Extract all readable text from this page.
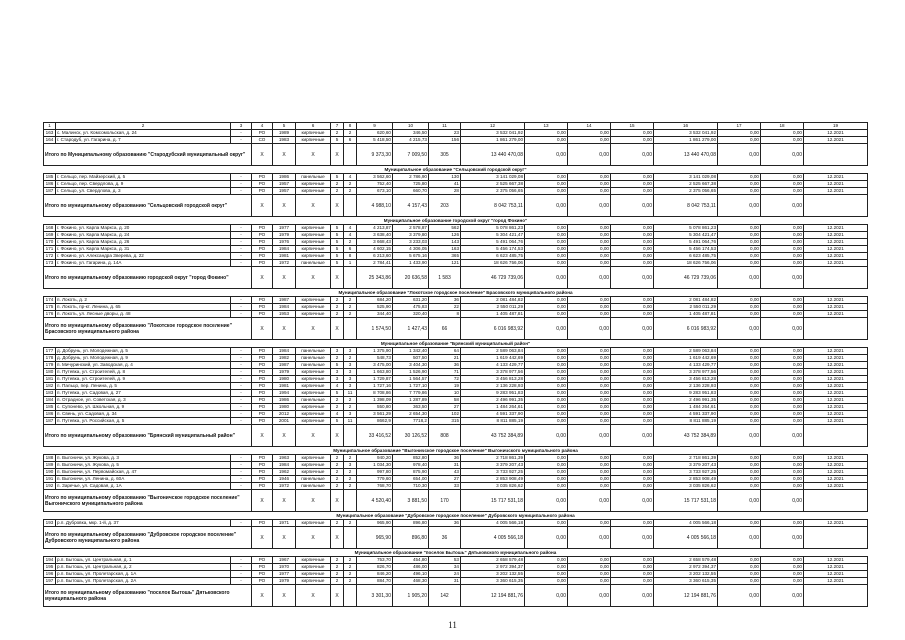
1	2	3	4	5	6	7	8	9	10	11	12	13	14	15	16	17	18	19
163	с. Малинск, ул. Комсомольская, д. 24	-	РО	1989	кирпичные	2	2	620,60	346,50	23	3 532 041,92	0,00	0,00	0,00	3 532 041,92	0,00	0,00	12.2021
164	г. Стародуб, ул. Гагарина, д. 7	-	СО	1983	кирпичные	5	6	5 418,50	4 215,73	156	1 861 279,00	0,00	0,00	0,00	1 861 279,00	0,00	0,00	12.2021
Итого по Муниципальному образованию "Стародубский муниципальный округ"			X	X	X	X		9 373,30	7 009,50	305	13 440 470,08	0,00	0,00	0,00	13 440 470,08	0,00	0,00	
Муниципальное образование "Сельцовский городской округ"																		
185	г. Сельцо, пер. Майзерский, д. 5	-	РО	1986	панельные	5	4	3 562,60	2 786,90	130	3 141 029,08	0,00	0,00	0,00	3 141 029,08	0,00	0,00	12.2021
186	г. Сельцо, пер. Свердлова, д. 9	-	РО	1957	кирпичные	2	2	752,40	725,80	41	2 525 667,38	0,00	0,00	0,00	2 525 667,38	0,00	0,00	12.2021
187	г. Сельцо, ул. Свердлова, д. 3	-	РО	1957	кирпичные	2	2	673,10	660,70	28	2 375 056,65	0,00	0,00	0,00	2 375 056,65	0,00	0,00	12.2021
Итого по муниципальному образованию "Сельцовский городской округ"			X	X	X	X		4 988,10	4 157,43	203	8 042 753,11	0,00	0,00	0,00	8 042 753,11	0,00	0,00	
Муниципальное образование городской округ "город Фокино"																		
168	г. Фокино, ул. Карла Маркса, д. 20	-	РО	1977	кирпичные	5	4	4 213,87	2 578,87	562	5 078 861,23	0,00	0,00	0,00	5 078 861,23	0,00	0,00	12.2021
169	г. Фокино, ул. Карла Маркса, д. 24	-	РО	1979	кирпичные	5	4	3 638,40	3 379,80	126	5 304 421,47	0,00	0,00	0,00	5 304 421,47	0,00	0,00	12.2021
170	г. Фокино, ул. Карла Маркса, д. 26	-	РО	1976	кирпичные	5	2	3 668,43	3 233,03	143	5 491 064,76	0,00	0,00	0,00	5 491 064,76	0,00	0,00	12.2021
171	г. Фокино, ул. Карла Маркса, д. 31	-	РО	1984	кирпичные	5	6	4 602,15	4 306,05	163	5 456 174,53	0,00	0,00	0,00	5 456 174,53	0,00	0,00	12.2021
172	г. Фокино, ул. Александра Зверева, д. 22	-	РО	1981	кирпичные	5	8	6 213,60	5 675,16	365	6 623 485,75	0,00	0,00	0,00	6 623 485,75	0,00	0,00	12.2021
173	г. Фокино, ул. Гагарина, д. 14А	-	РО	1972	панельные	5	1	2 784,41	1 433,90	121	18 626 756,06	0,00	0,00	0,00	18 626 756,06	0,00	0,00	12.2021
Итого по муниципальному образованию городской округ "город Фокино"			X	X	X	X		25 343,86	20 636,58	1 583	46 729 739,06	0,00	0,00	0,00	46 729 739,06	0,00	0,00	
Муниципальное образование "Локотское городское поселение" Брасовского муниципального района																		
174	п. Локоть, д. 2	-	РО	1987	кирпичные	2	2	684,20	631,20	36	2 081 484,82	0,00	0,00	0,00	2 081 484,82	0,00	0,00	12.2021
175	п. Локоть, пр-кт. Ленина, д. 65	-	РО	1984	кирпичные	2	2	525,90	475,83	22	2 550 011,29	0,00	0,00	0,00	2 550 011,29	0,00	0,00	12.2021
176	п. Локоть, ул. Лесные дворы, д. 48	-	РО	1953	кирпичные	2	2	344,40	320,40	8	1 405 487,81	0,00	0,00	0,00	1 405 487,81	0,00	0,00	12.2021
Итого по муниципальному образованию "Локотское городское поселение" Брасовского муниципального района			X	X	X	X		1 574,50	1 427,43	66	6 016 983,92	0,00	0,00	0,00	6 016 983,92	0,00	0,00	
Муниципальное образование "Брянский муниципальный район"																		
177	д. Добрунь, ул. Молодежная, д. 5	-	РО	1984	панельные	3	3	1 375,90	1 342,40	64	2 589 063,84	0,00	0,00	0,00	2 589 063,84	0,00	0,00	12.2021
178	д. Добрунь, ул. Молодежная, д. 9	-	РО	1982	панельные	2	2	548,73	507,50	21	1 619 442,69	0,00	0,00	0,00	1 619 442,69	0,00	0,00	12.2021
179	п. Мичуринский, ул. Заводская, д. 4	-	РО	1987	панельные	5	3	3 475,00	3 404,30	36	4 133 429,77	0,00	0,00	0,00	4 133 429,77	0,00	0,00	12.2021
180	п. Путевка, ул. Строителей, д. 8	-	РО	1979	кирпичные	3	3	1 663,80	1 526,90	71	3 378 977,56	0,00	0,00	0,00	3 378 977,56	0,00	0,00	12.2021
181	п. Путевка, ул. Строителей, д. 9	-	РО	1980	кирпичные	3	3	1 729,87	1 564,57	72	3 456 813,28	0,00	0,00	0,00	3 456 813,28	0,00	0,00	12.2021
182	п. Пальцо, пер. Ленина, д. 5	-	РО	1981	кирпичные	4	3	1 727,16	1 727,10	19	2 136 228,93	0,00	0,00	0,00	2 136 228,93	0,00	0,00	12.2021
183	п. Путевка, ул. Садовая, д. 27	-	РО	1994	кирпичные	5	11	8 708,86	7 779,86	10	9 283 951,83	0,00	0,00	0,00	9 283 951,83	0,00	0,00	12.2021
184	п. Отрадное, ул. Советская, д. 3	-	РО	1986	панельные	2	2	1 398,09	1 287,89	58	2 496 991,35	0,00	0,00	0,00	2 496 991,35	0,00	0,00	12.2021
185	с. Супонево, ул. Школьная, д. 9	-	РО	1980	кирпичные	2	2	550,80	363,50	27	1 484 264,61	0,00	0,00	0,00	1 484 264,61	0,00	0,00	12.2021
186	п. Свень, ул. Садовая, д. 34	-	РО	2012	кирпичные	4	3	3 561,29	2 654,30	102	4 591 337,90	0,00	0,00	0,00	4 591 337,90	0,00	0,00	12.2021
187	п. Путевка, ул. Российская, д. 5	-	РО	2001	кирпичные	5	11	8662,9	7718,2	315	8 811 885,19	0,00	0,00	0,00	8 811 885,19	0,00	0,00	12.2021
Итого по муниципальному образованию "Брянский муниципальный район"			X	X	X	X		33 416,52	30 126,52	808	43 752 384,89	0,00	0,00	0,00	43 752 384,89	0,00	0,00	
Муниципальное образование "Выгоничское городское поселение" Выгоничского муниципального района																		
188	п. Выгоничи, ул. Жукова, д. 3	-	РО	1963	кирпичные	2	2	940,20	852,80	36	2 718 861,39	0,00	0,00	0,00	2 718 861,39	0,00	0,00	12.2021
189	п. Выгоничи, ул. Жукова, д. 5	-	РО	1984	кирпичные	2	3	1 034,30	978,40	31	3 379 207,43	0,00	0,00	0,00	3 379 207,43	0,00	0,00	12.2021
190	п. Выгоничи, ул. Первомайская, д. 47	-	РО	1962	кирпичные	2	2	997,80	875,90	43	3 733 927,25	0,00	0,00	0,00	3 733 927,25	0,00	0,00	12.2021
191	п. Выгоничи, ул. Ленина, д. 60А	-	РО	1946	панельные	2	2	779,60	654,00	27	2 853 908,49	0,00	0,00	0,00	2 853 908,49	0,00	0,00	12.2021
192	п. Заречье, ул. Садовая, д. 1А	-	РО	1972	панельные	2	2	768,70	710,30	33	3 035 826,62	0,00	0,00	0,00	3 035 826,62	0,00	0,00	12.2021
Итого по муниципальному образованию "Выгоничское городское поселение" Выгоничского муниципального района			X	X	X	X		4 520,40	3 881,50	170	15 717 531,18	0,00	0,00	0,00	15 717 531,18	0,00	0,00	
Муниципальное образование "Дубровское городское поселение" Дубровского муниципального района																		
193	р.п. Дубровка, мкр. 1-й, д. 37	-	РО	1971	кирпичные	2	2	965,90	896,80	36	4 005 566,18	0,00	0,00	0,00	4 005 566,18	0,00	0,00	12.2021
Итого по муниципальному образованию "Дубровское городское поселение" Дубровского муниципального района			X	X	X	X		965,90	896,80	36	4 005 566,18	0,00	0,00	0,00	4 005 566,18	0,00	0,00	
Муниципальное образование "поселок Бытошь" Дятьковского муниципального района																		
194	р.п. Бытошь, ул. Центральная, д. 1	-	РО	1967	кирпичные	2	2	753,70	454,80	53	2 658 579,48	0,00	0,00	0,00	2 658 579,48	0,00	0,00	12.2021
195	р.п. Бытошь, ул. Центральная, д. 2	-	РО	1970	кирпичные	2	2	826,70	486,00	34	2 972 394,37	0,00	0,00	0,00	2 972 394,37	0,00	0,00	12.2021
196	р.п. Бытошь, ул. Пролетарская, д. 1А	-	РО	1977	кирпичные	2	2	846,20	496,10	24	3 202 132,55	0,00	0,00	0,00	3 202 132,55	0,00	0,00	12.2021
197	р.п. Бытошь, ул. Пролетарская, д. 2А	-	РО	1979	кирпичные	2	2	884,70	468,30	31	3 360 615,35	0,00	0,00	0,00	3 360 615,35	0,00	0,00	12.2021
Итого по муниципальному образованию "поселок Бытошь" Дятьковского муниципального района			X	X	X	X		3 301,30	1 905,20	142	12 194 881,76	0,00	0,00	0,00	12 194 881,76	0,00	0,00	
11
